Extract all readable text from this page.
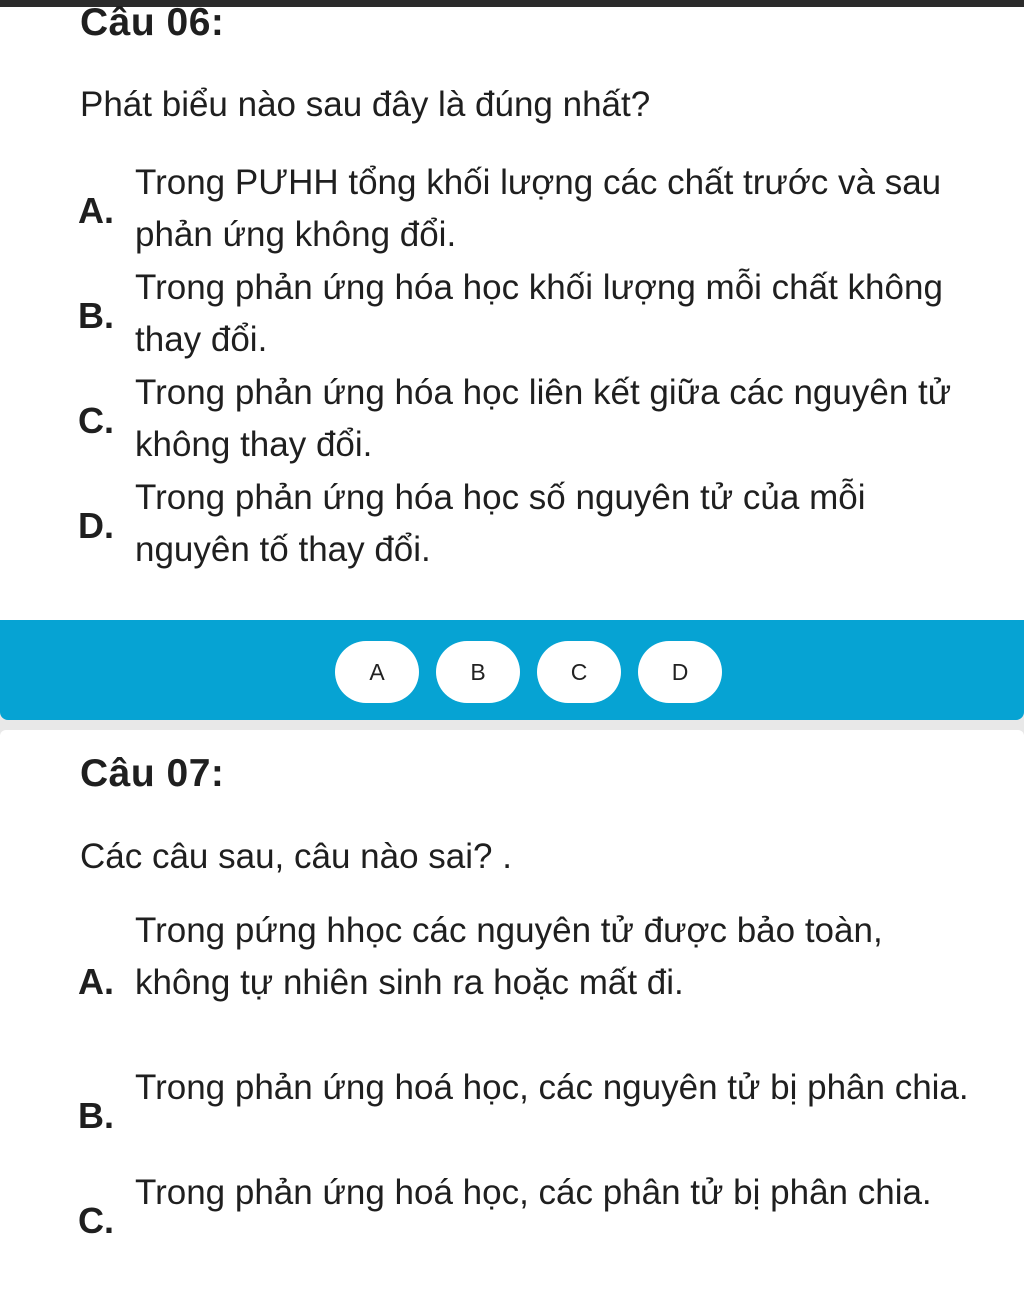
Câu 06:
Phát biểu nào sau đây là đúng nhất?
A.
Trong PƯHH tổng khối lượng các chất trước và sau phản ứng không đổi.
B.
Trong phản ứng hóa học khối lượng mỗi chất không thay đổi.
C.
Trong phản ứng hóa học liên kết giữa các nguyên tử không thay đổi.
D.
Trong phản ứng hóa học số nguyên tử của mỗi nguyên tố thay đổi.
A	B	C	D
Câu 07:
Các câu sau, câu nào sai? .
A.
Trong pứng hhọc các nguyên tử được bảo toàn, không tự nhiên sinh ra hoặc mất đi.
B.
Trong phản ứng hoá học, các nguyên tử bị phân chia.
C.
Trong phản ứng hoá học, các phân tử bị phân chia.
